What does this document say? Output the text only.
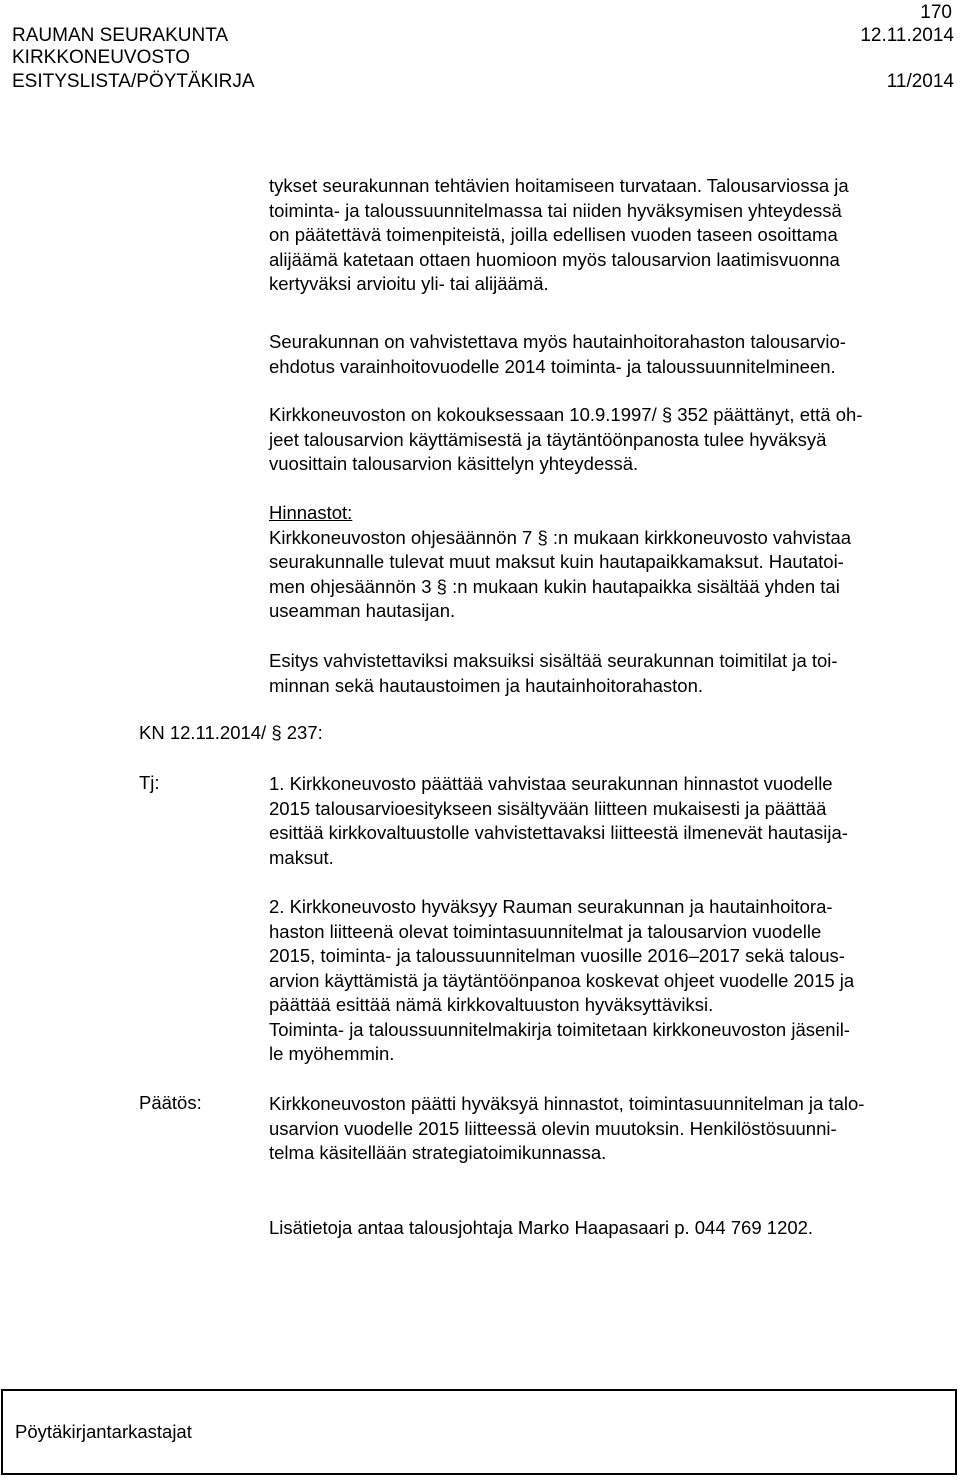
170
RAUMAN SEURAKUNTA	12.11.2014
KIRKKONEUVOSTO
ESITYSLISTA/PÖYTÄKIRJA	11/2014
tykset seurakunnan tehtävien hoitamiseen turvataan. Talousarviossa ja
toiminta- ja taloussuunnitelmassa tai niiden hyväksymisen yhteydessä
on päätettävä toimenpiteistä, joilla edellisen vuoden taseen osoittama
alijäämä katetaan ottaen huomioon myös talousarvion laatimisvuonna
kertyväksi arvioitu yli- tai alijäämä.
Seurakunnan on vahvistettava myös hautainhoitorahaston talousarvio-
ehdotus varainhoitovuodelle 2014 toiminta- ja taloussuunnitelmineen.
Kirkkoneuvoston on kokouksessaan 10.9.1997/ § 352 päättänyt, että oh-
jeet talousarvion käyttämisestä ja täytäntöönpanosta tulee hyväksyä
vuosittain talousarvion käsittelyn yhteydessä.
Hinnastot:
Kirkkoneuvoston ohjesäännön 7 § :n mukaan kirkkoneuvosto vahvistaa
seurakunnalle tulevat muut maksut kuin hautapaikkamaksut. Hautatoi-
men ohjesäännön 3 § :n mukaan kukin hautapaikka sisältää yhden tai
useamman hautasijan.
Esitys vahvistettaviksi maksuiksi sisältää seurakunnan toimitilat ja toi-
minnan sekä hautaustoimen ja hautainhoitorahaston.
KN 12.11.2014/ § 237:
Tj:	1. Kirkkoneuvosto päättää vahvistaa seurakunnan hinnastot vuodelle
2015 talousarvioesitykseen sisältyvään liitteen mukaisesti ja päättää
esittää kirkkovaltuustolle vahvistettavaksi liitteestä ilmenevät hautasija-
maksut.
2. Kirkkoneuvosto hyväksyy Rauman seurakunnan ja hautainhoitora-
haston liitteenä olevat toimintasuunnitelmat ja talousarvion vuodelle
2015, toiminta- ja taloussuunnitelman vuosille 2016–2017 sekä talous-
arvion käyttämistä ja täytäntöönpanoa koskevat ohjeet vuodelle 2015 ja
päättää esittää nämä kirkkovaltuuston hyväksyttäviksi.
Toiminta- ja taloussuunnitelmakirja toimitetaan kirkkoneuvoston jäsenil-
le myöhemmin.
Päätös:	Kirkkoneuvoston päätti hyväksyä hinnastot, toimintasuunnitelman ja talo-
usarvion vuodelle 2015 liitteessä olevin muutoksin. Henkilöstösuunni-
telma käsitellään strategiatoimikunnassa.
Lisätietoja antaa talousjohtaja Marko Haapasaari p. 044 769 1202.
Pöytäkirjantarkastajat
